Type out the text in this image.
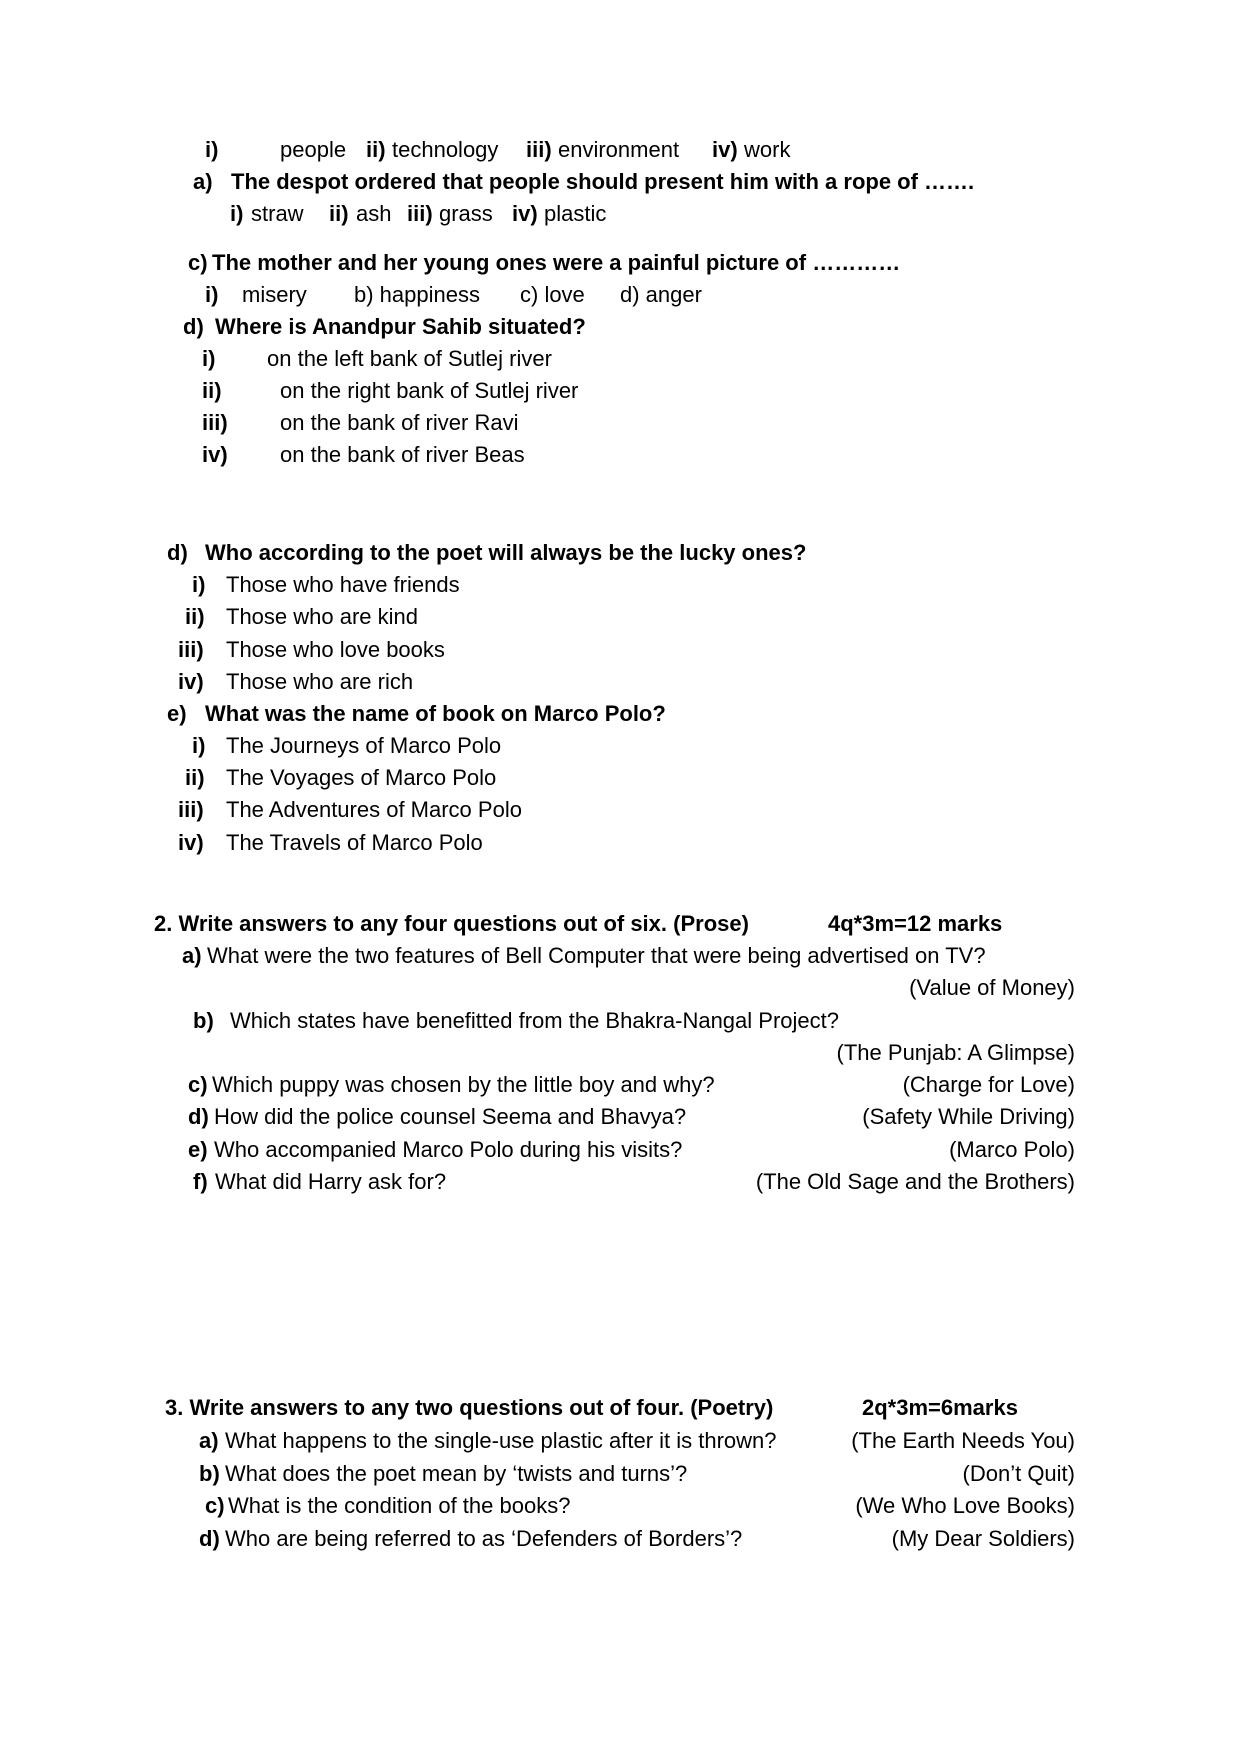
i)	people ii) technology iii) environment iv) work
a) The despot ordered that people should present him with a rope of …….
i) straw ii) ash iii) grass iv) plastic
c) The mother and her young ones were a painful picture of …………
i) misery b) happiness c) love d) anger
d) Where is Anandpur Sahib situated?
i) on the left bank of Sutlej river
ii)	on the right bank of Sutlej river
iii) on the bank of river Ravi
iv) on the bank of river Beas
d) Who according to the poet will always be the lucky ones?
i) Those who have friends
ii) Those who are kind
iii) Those who love books
iv) Those who are rich
e) What was the name of book on Marco Polo?
i) The Journeys of Marco Polo
ii) The Voyages of Marco Polo
iii) The Adventures of Marco Polo
iv) The Travels of Marco Polo
2. Write answers to any four questions out of six. (Prose)	4q*3m=12 marks
a) What were the two features of Bell Computer that were being advertised on TV?
(Value of Money)
b) Which states have benefitted from the Bhakra-Nangal Project?
(The Punjab: A Glimpse)
c) Which puppy was chosen by the little boy and why?	(Charge for Love)
d) How did the police counsel Seema and Bhavya?	(Safety While Driving)
e) Who accompanied Marco Polo during his visits?	(Marco Polo)
f) What did Harry ask for?	(The Old Sage and the Brothers)
3. Write answers to any two questions out of four. (Poetry)	2q*3m=6marks
a) What happens to the single-use plastic after it is thrown?	(The Earth Needs You)
b) What does the poet mean by ‘twists and turns’?	(Don’t Quit)
c) What is the condition of the books?	(We Who Love Books)
d) Who are being referred to as ‘Defenders of Borders’?	(My Dear Soldiers)
